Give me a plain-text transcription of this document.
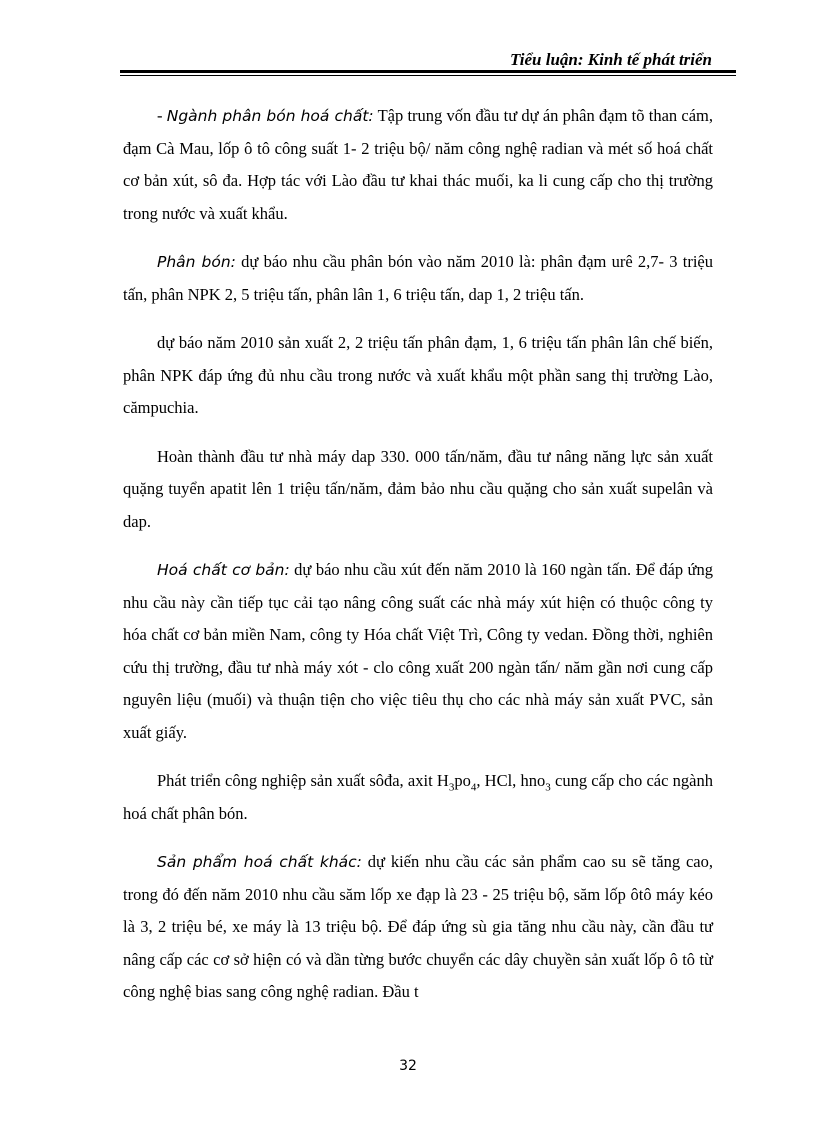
Tiểu luận: Kinh tế phát triển

- Ngành phân bón hoá chất: Tập trung vốn đầu tư dự án phân đạm tõ than cám, đạm Cà Mau, lốp ô tô công suất 1- 2 triệu bộ/ năm công nghệ radian và mét số hoá chất cơ bản xút, sô đa. Hợp tác với Lào đầu tư khai thác muối, ka li cung cấp cho thị trường trong nước và xuất khẩu.

Phân bón: dự báo nhu cầu phân bón vào năm 2010 là: phân đạm urê 2,7- 3 triệu tấn, phân NPK 2, 5 triệu tấn, phân lân 1, 6 triệu tấn, dap 1, 2 triệu tấn.

dự báo năm 2010 sản xuất 2, 2 triệu tấn phân đạm, 1, 6 triệu tấn phân lân chế biến, phân NPK đáp ứng đủ nhu cầu trong nước và xuất khẩu một phần sang thị trường Lào, cămpuchia.

Hoàn thành đầu tư nhà máy dap 330. 000 tấn/năm, đầu tư nâng năng lực sản xuất quặng tuyển apatit lên 1 triệu tấn/năm, đảm bảo nhu cầu quặng cho sản xuất supelân và dap.

Hoá chất cơ bản: dự báo nhu cầu xút đến năm 2010 là 160 ngàn tấn. Để đáp ứng nhu cầu này cần tiếp tục cải tạo nâng công suất các nhà máy xút hiện có thuộc công ty hóa chất cơ bản miền Nam, công ty Hóa chất Việt Trì, Công ty vedan. Đồng thời, nghiên cứu thị trường, đầu tư nhà máy xót - clo công xuất 200 ngàn tấn/ năm gần nơi cung cấp nguyên liệu (muối) và thuận tiện cho việc tiêu thụ cho các nhà máy sản xuất PVC, sản xuất giấy.

Phát triển công nghiệp sản xuất sôđa, axit $H_3po_4$, HCl, hno$_3$ cung cấp cho các ngành hoá chất phân bón.

Sản phẩm hoá chất khác: dự kiến nhu cầu các sản phẩm cao su sẽ tăng cao, trong đó đến năm 2010 nhu cầu săm lốp xe đạp là 23 - 25 triệu bộ, săm lốp ôtô máy kéo là 3, 2 triệu bé, xe máy là 13 triệu bộ. Để đáp ứng sù gia tăng nhu cầu này, cần đầu tư nâng cấp các cơ sở hiện có và dần từng bước chuyển các dây chuyền sản xuất lốp ô tô từ công nghệ bias sang công nghệ radian. Đầu t

32
